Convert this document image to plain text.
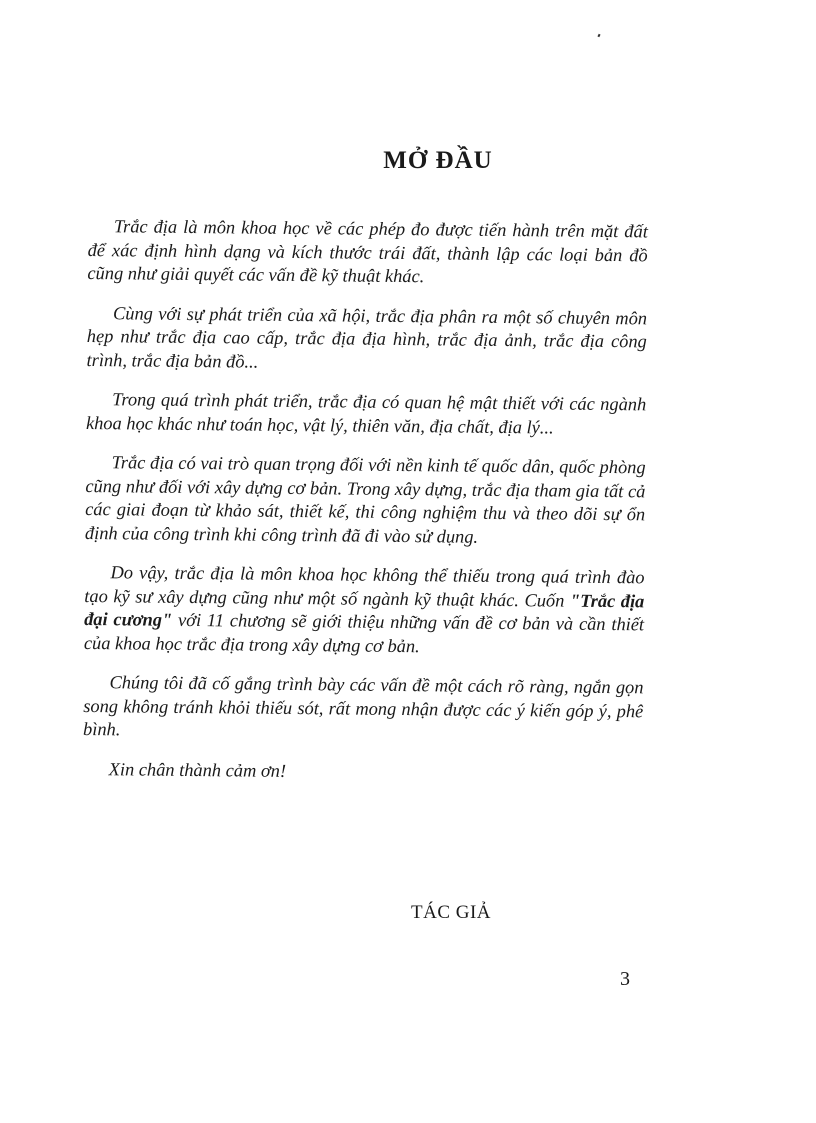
MỞ ĐẦU

Trắc địa là môn khoa học về các phép đo được tiến hành trên mặt đất để xác định hình dạng và kích thước trái đất, thành lập các loại bản đồ cũng như giải quyết các vấn đề kỹ thuật khác.

Cùng với sự phát triển của xã hội, trắc địa phân ra một số chuyên môn hẹp như trắc địa cao cấp, trắc địa địa hình, trắc địa ảnh, trắc địa công trình, trắc địa bản đồ...

Trong quá trình phát triển, trắc địa có quan hệ mật thiết với các ngành khoa học khác như toán học, vật lý, thiên văn, địa chất, địa lý...

Trắc địa có vai trò quan trọng đối với nền kinh tế quốc dân, quốc phòng cũng như đối với xây dựng cơ bản. Trong xây dựng, trắc địa tham gia tất cả các giai đoạn từ khảo sát, thiết kế, thi công nghiệm thu và theo dõi sự ổn định của công trình khi công trình đã đi vào sử dụng.

Do vậy, trắc địa là môn khoa học không thể thiếu trong quá trình đào tạo kỹ sư xây dựng cũng như một số ngành kỹ thuật khác. Cuốn "Trắc địa đại cương" với 11 chương sẽ giới thiệu những vấn đề cơ bản và cần thiết của khoa học trắc địa trong xây dựng cơ bản.

Chúng tôi đã cố gắng trình bày các vấn đề một cách rõ ràng, ngắn gọn song không tránh khỏi thiếu sót, rất mong nhận được các ý kiến góp ý, phê bình.

Xin chân thành cảm ơn!

TÁC GIẢ
3
